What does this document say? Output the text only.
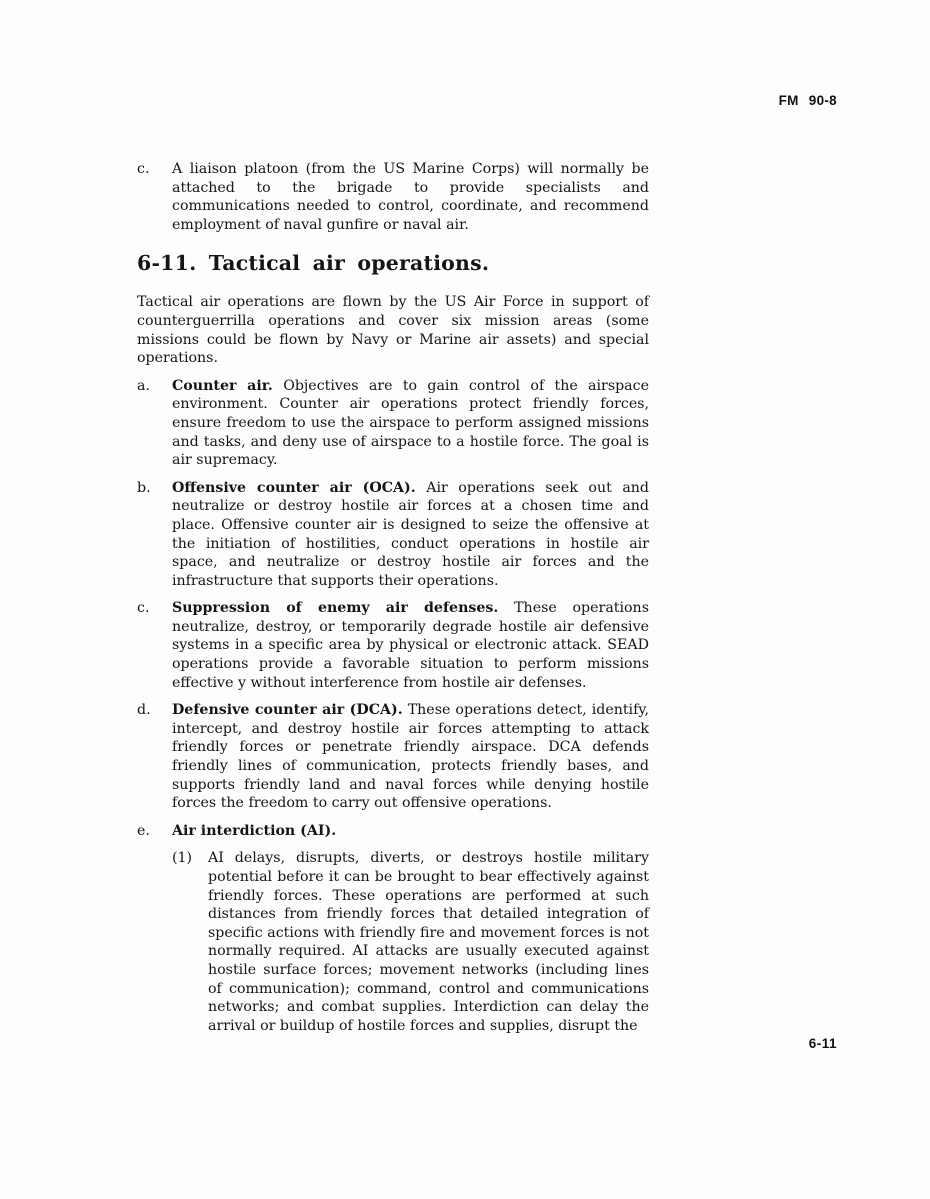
FM 90-8
c. A liaison platoon (from the US Marine Corps) will normally be attached to the brigade to provide specialists and communications needed to control, coordinate, and recommend employment of naval gunfire or naval air.

6-11. Tactical air operations.

Tactical air operations are flown by the US Air Force in support of counterguerrilla operations and cover six mission areas (some missions could be flown by Navy or Marine air assets) and special operations.

a. Counter air. Objectives are to gain control of the airspace environment. Counter air operations protect friendly forces, ensure freedom to use the airspace to perform assigned missions and tasks, and deny use of airspace to a hostile force. The goal is air supremacy.

b. Offensive counter air (OCA). Air operations seek out and neutralize or destroy hostile air forces at a chosen time and place. Offensive counter air is designed to seize the offensive at the initiation of hostilities, conduct operations in hostile air space, and neutralize or destroy hostile air forces and the infrastructure that supports their operations.

c. Suppression of enemy air defenses. These operations neutralize, destroy, or temporarily degrade hostile air defensive systems in a specific area by physical or electronic attack. SEAD operations provide a favorable situation to perform missions effective y without interference from hostile air defenses.

d. Defensive counter air (DCA). These operations detect, identify, intercept, and destroy hostile air forces attempting to attack friendly forces or penetrate friendly airspace. DCA defends friendly lines of communication, protects friendly bases, and supports friendly land and naval forces while denying hostile forces the freedom to carry out offensive operations.

e. Air interdiction (AI).

(1) AI delays, disrupts, diverts, or destroys hostile military potential before it can be brought to bear effectively against friendly forces. These operations are performed at such distances from friendly forces that detailed integration of specific actions with friendly fire and movement forces is not normally required. AI attacks are usually executed against hostile surface forces; movement networks (including lines of communication); command, control and communications networks; and combat supplies. Interdiction can delay the arrival or buildup of hostile forces and supplies, disrupt the

6-11
